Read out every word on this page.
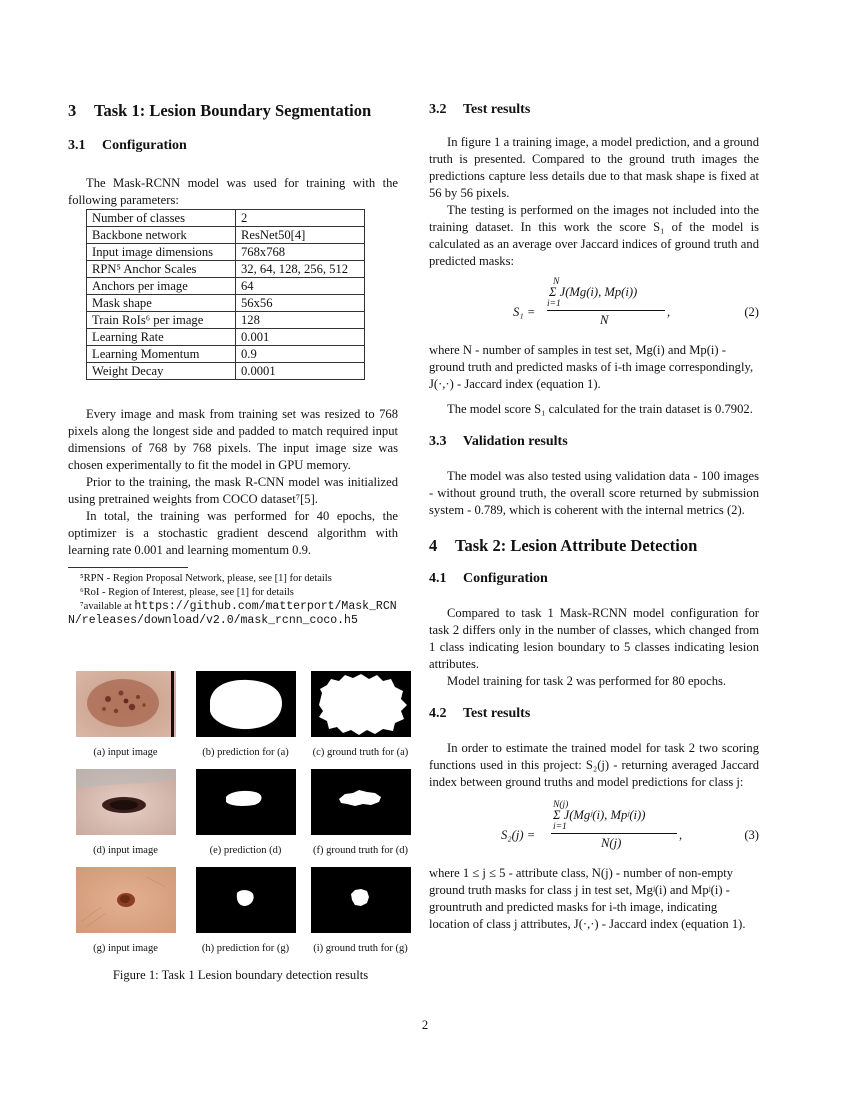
3 Task 1: Lesion Boundary Segmentation
3.1 Configuration

The Mask-RCNN model was used for training with the following parameters:

Number of classes	2
Backbone network	ResNet50[4]
Input image dimensions	768x768
RPN⁵ Anchor Scales	32, 64, 128, 256, 512
Anchors per image	64
Mask shape	56x56
Train RoIs⁶ per image	128
Learning Rate	0.001
Learning Momentum	0.9
Weight Decay	0.0001

Every image and mask from training set was resized to 768 pixels along the longest side and padded to match required input dimensions of 768 by 768 pixels. The input image size was chosen experimentally to fit the model in GPU memory.

Prior to the training, the mask R-CNN model was initialized using pretrained weights from COCO dataset⁷[5].

In total, the training was performed for 40 epochs, the optimizer is a stochastic gradient descend algorithm with learning rate 0.001 and learning momentum 0.9.

⁵RPN - Region Proposal Network, please, see [1] for details

⁶RoI - Region of Interest, please, see [1] for details

⁷available at https://github.com/matterport/Mask_RCNN/releases/download/v2.0/mask_rcnn_coco.h5

(a) input image	(b) prediction for (a)	(c) ground truth for (a)
(d) input image	(e) prediction (d)	(f) ground truth for (d)
(g) input image	(h) prediction for (g)	(i) ground truth for (g)
Figure 1: Task 1 Lesion boundary detection results
3.2 Test results

In figure 1 a training image, a model prediction, and a ground truth is presented. Compared to the ground truth images the predictions capture less details due to that mask shape is fixed at 56 by 56 pixels.

The testing is performed on the images not included into the training dataset. In this work the score S₁ of the model is calculated as an average over Jaccard indices of ground truth and predicted masks:

S₁ =
N
Σ J(Mg(i), Mp(i))
i=1
N
,	(2)

where N - number of samples in test set, Mg(i) and Mp(i) - ground truth and predicted masks of i-th image correspondingly, J(·,·) - Jaccard index (equation 1).

The model score S₁ calculated for the train dataset is 0.7902.

3.3 Validation results

The model was also tested using validation data - 100 images - without ground truth, the overall score returned by submission system - 0.789, which is coherent with the internal metrics (2).

4 Task 2: Lesion Attribute Detection
4.1 Configuration

Compared to task 1 Mask-RCNN model configuration for task 2 differs only in the number of classes, which changed from 1 class indicating lesion boundary to 5 classes indicating lesion attributes.

Model training for task 2 was performed for 80 epochs.

4.2 Test results

In order to estimate the trained model for task 2 two scoring functions used in this project: S₂(j) - returning averaged Jaccard index between ground truths and model predictions for class j:

S₂(j) =
N(j)
Σ J(Mgʲ(i), Mpʲ(i))
i=1
N(j)
,	(3)

where 1 ≤ j ≤ 5 - attribute class, N(j) - number of non-empty ground truth masks for class j in test set, Mgʲ(i) and Mpʲ(i) - grountruth and predicted masks for i-th image, indicating location of class j attributes, J(·,·) - Jaccard index (equation 1).

2
